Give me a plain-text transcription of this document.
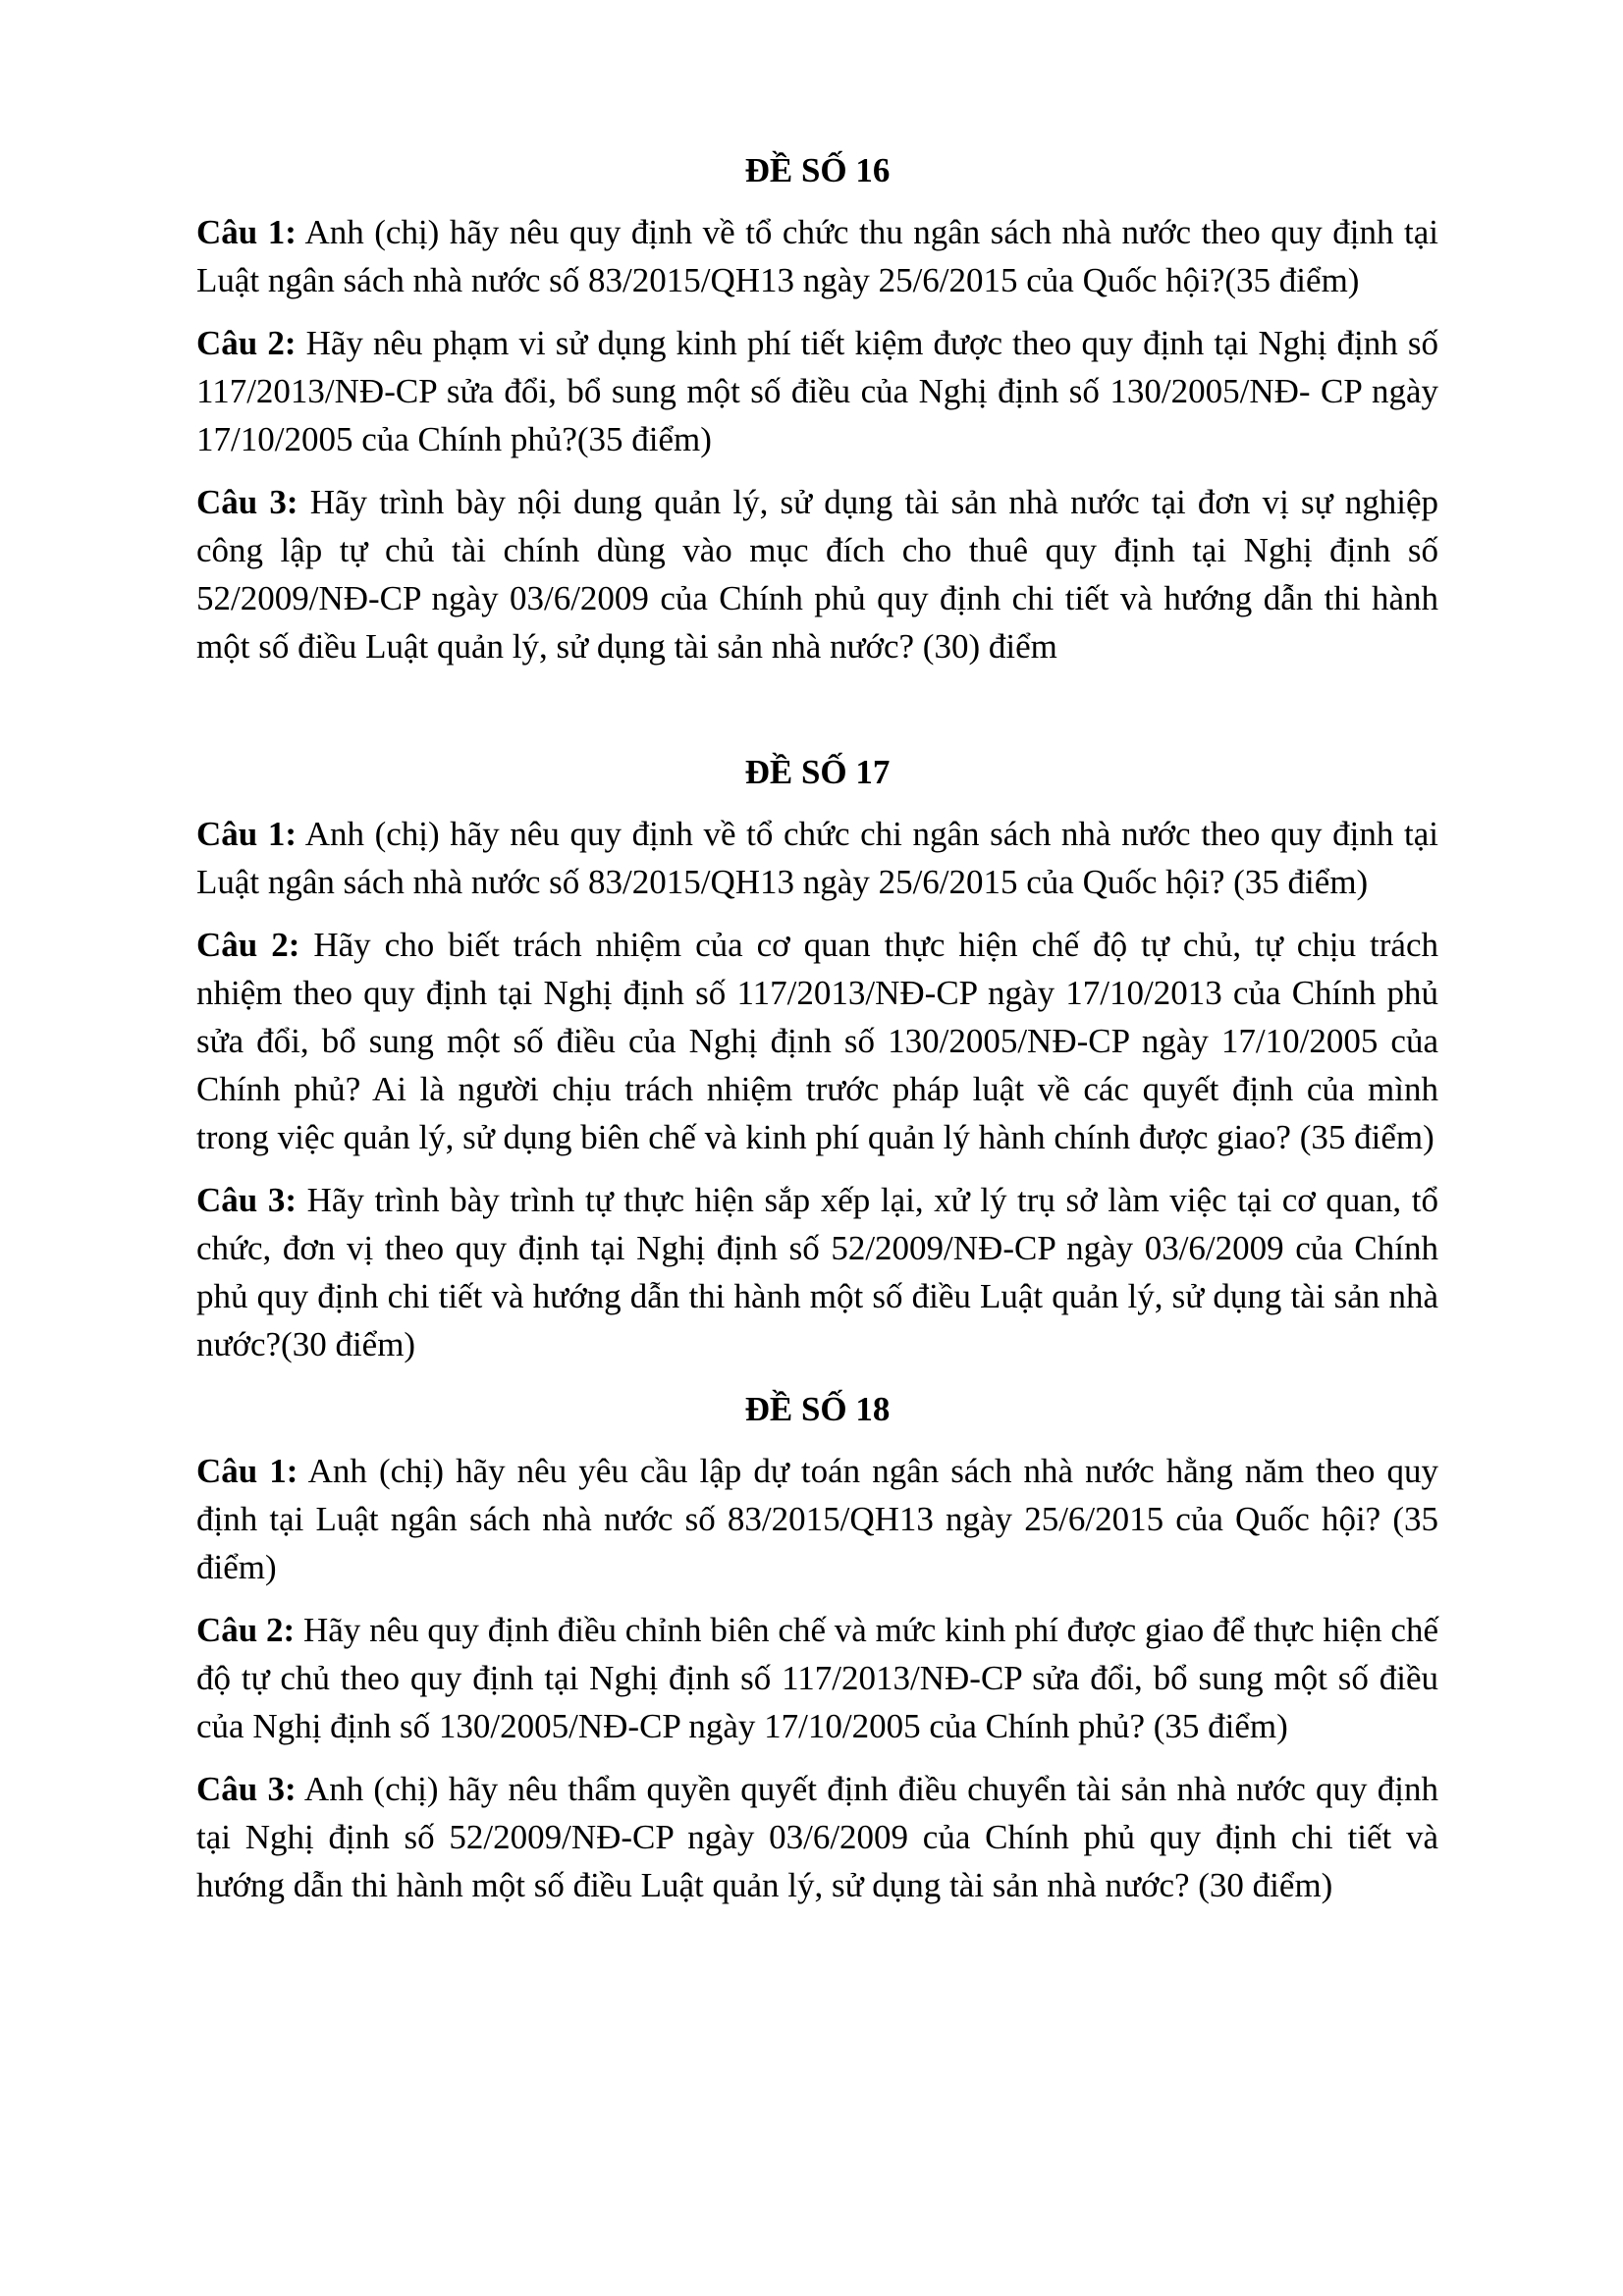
ĐỀ SỐ 16

Câu 1: Anh (chị) hãy nêu quy định về tổ chức thu ngân sách nhà nước theo quy định tại Luật ngân sách nhà nước số 83/2015/QH13 ngày 25/6/2015 của Quốc hội?(35 điểm)

Câu 2: Hãy nêu phạm vi sử dụng kinh phí tiết kiệm được theo quy định tại Nghị định số 117/2013/NĐ-CP sửa đổi, bổ sung một số điều của Nghị định số 130/2005/NĐ- CP ngày 17/10/2005 của Chính phủ?(35 điểm)

Câu 3: Hãy trình bày nội dung quản lý, sử dụng tài sản nhà nước tại đơn vị sự nghiệp công lập tự chủ tài chính dùng vào mục đích cho thuê quy định tại Nghị định số 52/2009/NĐ-CP ngày 03/6/2009 của Chính phủ quy định chi tiết và hướng dẫn thi hành một số điều Luật quản lý, sử dụng tài sản nhà nước? (30) điểm

ĐỀ SỐ 17

Câu 1: Anh (chị) hãy nêu quy định về tổ chức chi ngân sách nhà nước theo quy định tại Luật ngân sách nhà nước số 83/2015/QH13 ngày 25/6/2015 của Quốc hội? (35 điểm)

Câu 2: Hãy cho biết trách nhiệm của cơ quan thực hiện chế độ tự chủ, tự chịu trách nhiệm theo quy định tại Nghị định số 117/2013/NĐ-CP ngày 17/10/2013 của Chính phủ sửa đổi, bổ sung một số điều của Nghị định số 130/2005/NĐ-CP ngày 17/10/2005 của Chính phủ? Ai là người chịu trách nhiệm trước pháp luật về các quyết định của mình trong việc quản lý, sử dụng biên chế và kinh phí quản lý hành chính được giao? (35 điểm)

Câu 3: Hãy trình bày trình tự thực hiện sắp xếp lại, xử lý trụ sở làm việc tại cơ quan, tổ chức, đơn vị theo quy định tại Nghị định số 52/2009/NĐ-CP ngày 03/6/2009 của Chính phủ quy định chi tiết và hướng dẫn thi hành một số điều Luật quản lý, sử dụng tài sản nhà nước?(30 điểm)

ĐỀ SỐ 18

Câu 1: Anh (chị) hãy nêu yêu cầu lập dự toán ngân sách nhà nước hằng năm theo quy định tại Luật ngân sách nhà nước số 83/2015/QH13 ngày 25/6/2015 của Quốc hội? (35 điểm)

Câu 2: Hãy nêu quy định điều chỉnh biên chế và mức kinh phí được giao để thực hiện chế độ tự chủ theo quy định tại Nghị định số 117/2013/NĐ-CP sửa đổi, bổ sung một số điều của Nghị định số 130/2005/NĐ-CP ngày 17/10/2005 của Chính phủ? (35 điểm)

Câu 3: Anh (chị) hãy nêu thẩm quyền quyết định điều chuyển tài sản nhà nước quy định tại Nghị định số 52/2009/NĐ-CP ngày 03/6/2009 của Chính phủ quy định chi tiết và hướng dẫn thi hành một số điều Luật quản lý, sử dụng tài sản nhà nước? (30 điểm)
